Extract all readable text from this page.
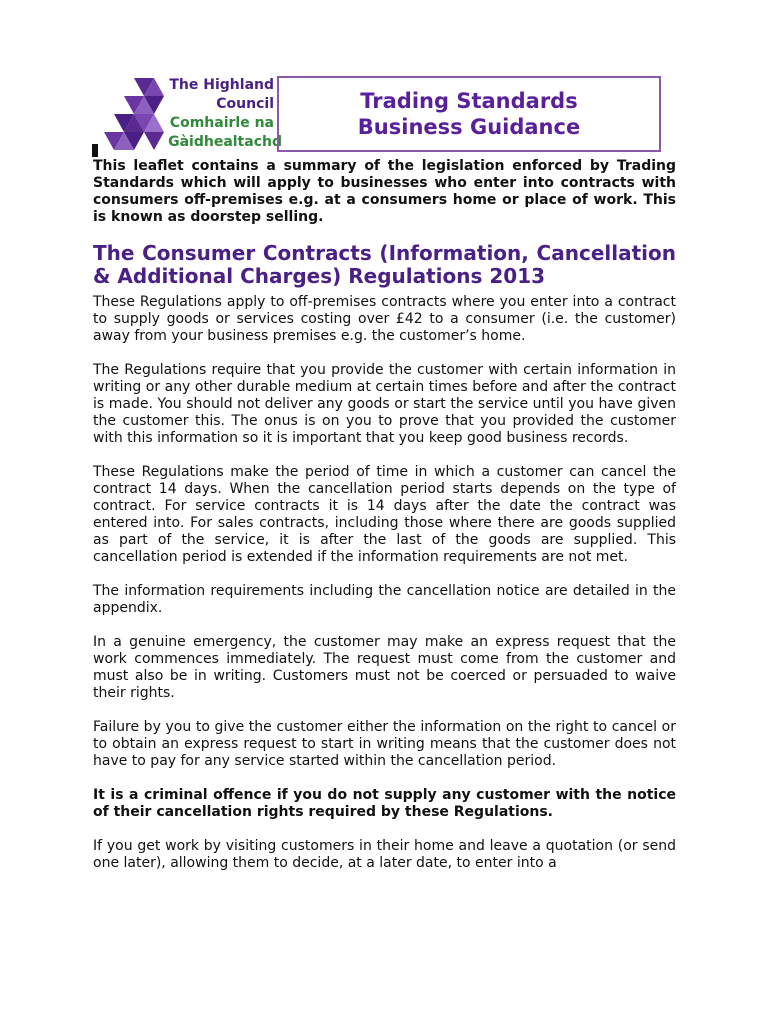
The Highland
Council
Comhairle na
Gàidhealtachd
Trading Standards
Business Guidance

This leaflet contains a summary of the legislation enforced by Trading Standards which will apply to businesses who enter into contracts with consumers off-premises e.g. at a consumers home or place of work. This is known as doorstep selling.

The Consumer Contracts (Information, Cancellation & Additional Charges) Regulations 2013

These Regulations apply to off-premises contracts where you enter into a contract to supply goods or services costing over £42 to a consumer (i.e. the customer) away from your business premises e.g. the customer’s home.

The Regulations require that you provide the customer with certain information in writing or any other durable medium at certain times before and after the contract is made. You should not deliver any goods or start the service until you have given the customer this. The onus is on you to prove that you provided the customer with this information so it is important that you keep good business records.

These Regulations make the period of time in which a customer can cancel the contract 14 days. When the cancellation period starts depends on the type of contract. For service contracts it is 14 days after the date the contract was entered into. For sales contracts, including those where there are goods supplied as part of the service, it is after the last of the goods are supplied. This cancellation period is extended if the information requirements are not met.

The information requirements including the cancellation notice are detailed in the appendix.

In a genuine emergency, the customer may make an express request that the work commences immediately. The request must come from the customer and must also be in writing. Customers must not be coerced or persuaded to waive their rights.

Failure by you to give the customer either the information on the right to cancel or to obtain an express request to start in writing means that the customer does not have to pay for any service started within the cancellation period.

It is a criminal offence if you do not supply any customer with the notice of their cancellation rights required by these Regulations.

If you get work by visiting customers in their home and leave a quotation (or send one later), allowing them to decide, at a later date, to enter into a
